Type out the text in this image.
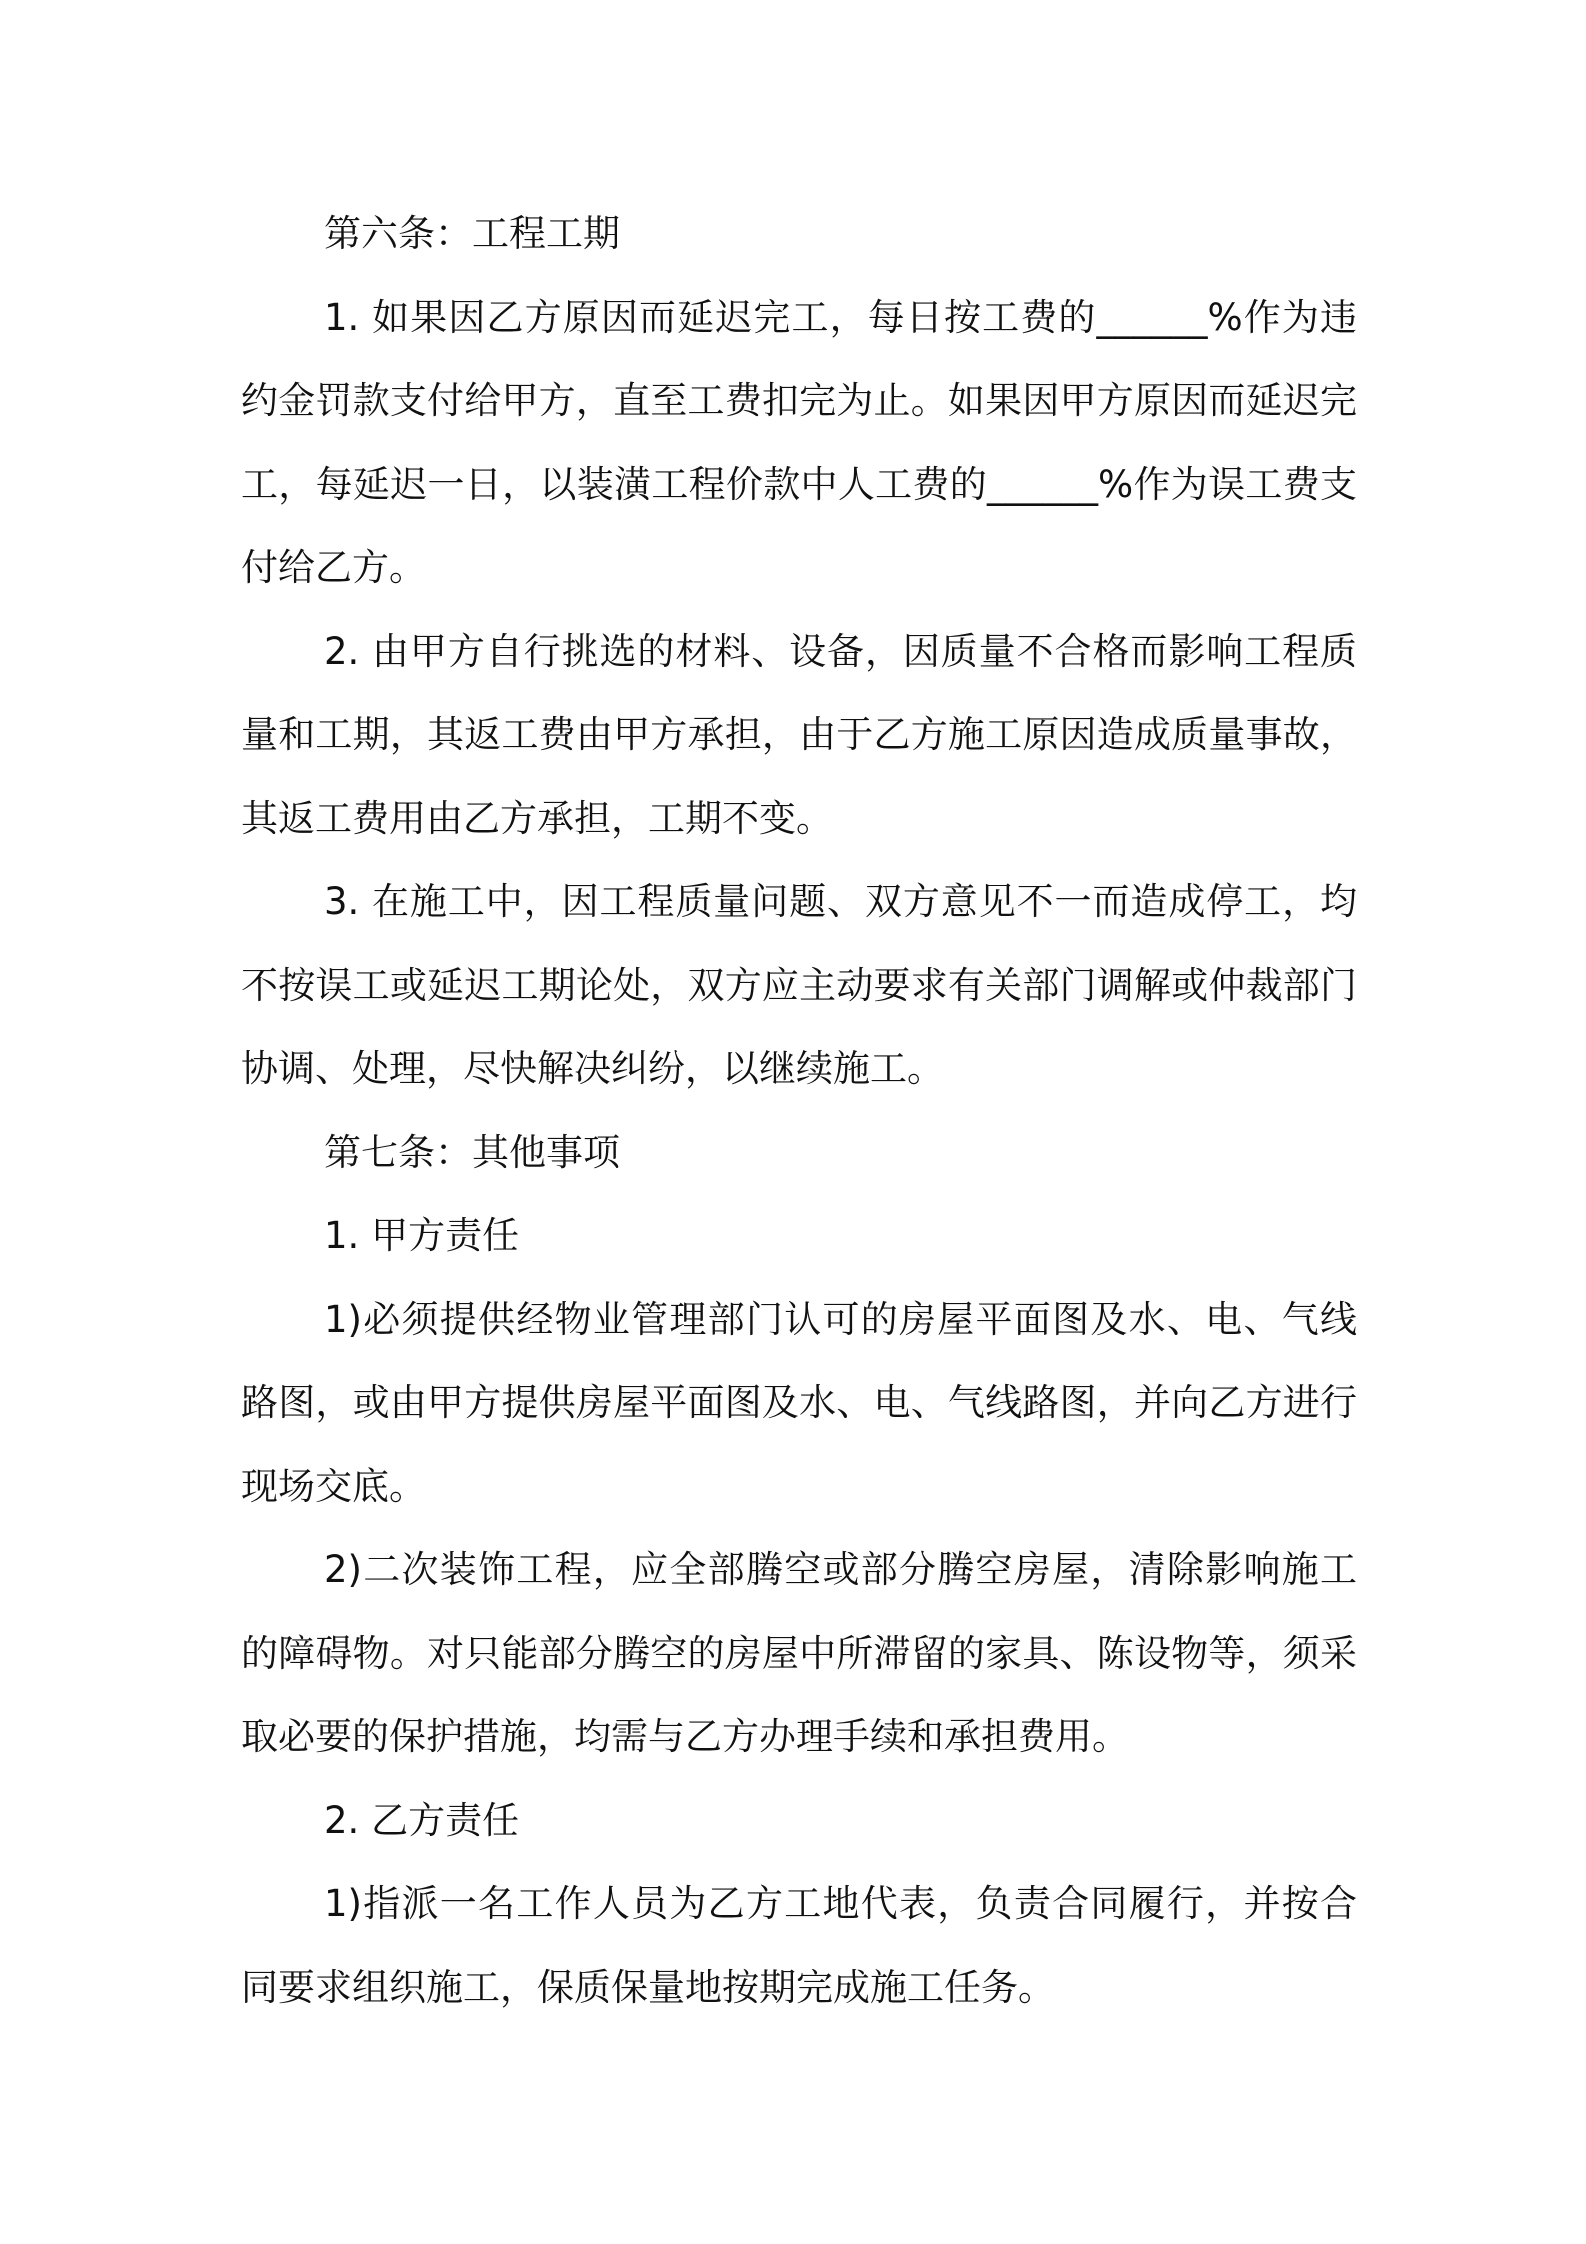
第六条：工程工期

1. 如果因乙方原因而延迟完工，每日按工费的______%作为违约金罚款支付给甲方，直至工费扣完为止。如果因甲方原因而延迟完工，每延迟一日，以装潢工程价款中人工费的______%作为误工费支付给乙方。

2. 由甲方自行挑选的材料、设备，因质量不合格而影响工程质量和工期，其返工费由甲方承担，由于乙方施工原因造成质量事故，其返工费用由乙方承担，工期不变。

3. 在施工中，因工程质量问题、双方意见不一而造成停工，均不按误工或延迟工期论处，双方应主动要求有关部门调解或仲裁部门协调、处理，尽快解决纠纷，以继续施工。

第七条：其他事项

1. 甲方责任

1)必须提供经物业管理部门认可的房屋平面图及水、电、气线路图，或由甲方提供房屋平面图及水、电、气线路图，并向乙方进行现场交底。

2)二次装饰工程，应全部腾空或部分腾空房屋，清除影响施工的障碍物。对只能部分腾空的房屋中所滞留的家具、陈设物等，须采取必要的保护措施，均需与乙方办理手续和承担费用。

2. 乙方责任

1)指派一名工作人员为乙方工地代表，负责合同履行，并按合同要求组织施工，保质保量地按期完成施工任务。
